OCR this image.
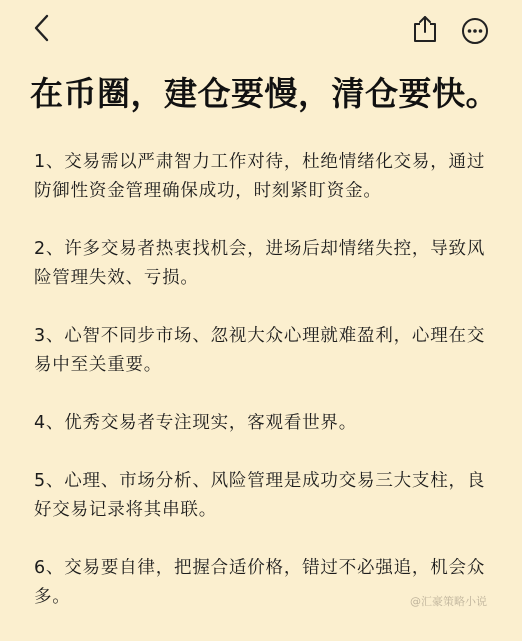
在币圈，建仓要慢，清仓要快。

1、交易需以严肃智力工作对待，杜绝情绪化交易，通过防御性资金管理确保成功，时刻紧盯资金。

2、许多交易者热衷找机会，进场后却情绪失控，导致风险管理失效、亏损。

3、心智不同步市场、忽视大众心理就难盈利，心理在交易中至关重要。

4、优秀交易者专注现实，客观看世界。

5、心理、市场分析、风险管理是成功交易三大支柱，良好交易记录将其串联。

6、交易要自律，把握合适价格，错过不必强追，机会众多。	@汇豪策略小说
